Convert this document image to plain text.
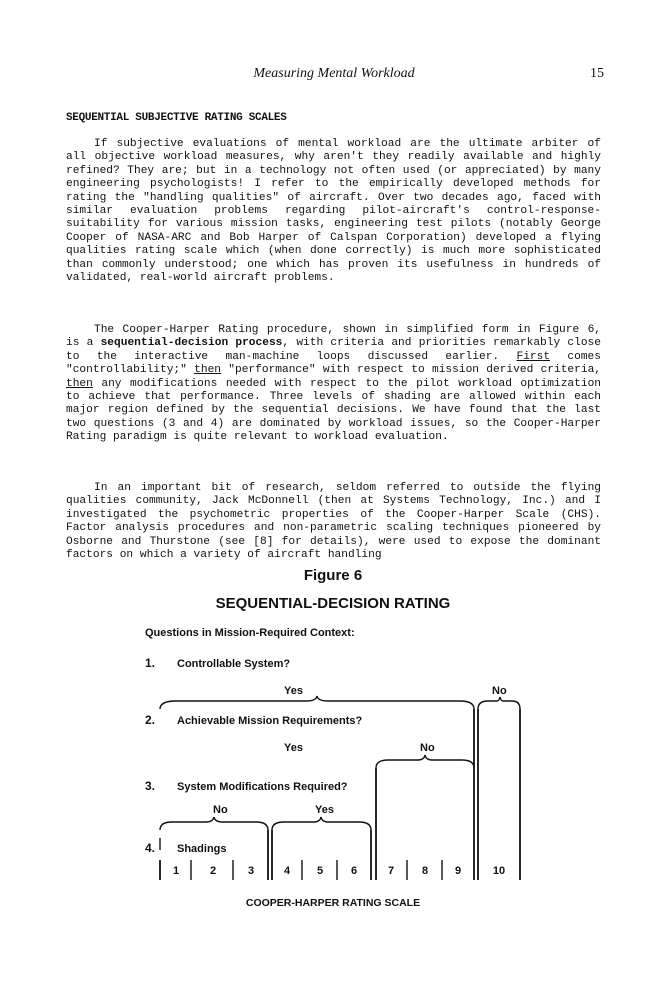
Measuring Mental Workload	15
SEQUENTIAL SUBJECTIVE RATING SCALES

If subjective evaluations of mental workload are the ultimate arbiter of all objective workload measures, why aren't they readily available and highly refined? They are; but in a technology not often used (or appreciated) by many engineering psychologists! I refer to the empirically developed methods for rating the "handling qualities" of aircraft. Over two decades ago, faced with similar evaluation problems regarding pilot-aircraft's control-response-suitability for various mission tasks, engineering test pilots (notably George Cooper of NASA-ARC and Bob Harper of Calspan Corporation) developed a flying qualities rating scale which (when done correctly) is much more sophisticated than commonly understood; one which has proven its usefulness in hundreds of validated, real-world aircraft problems.

The Cooper-Harper Rating procedure, shown in simplified form in Figure 6, is a sequential-decision process, with criteria and priorities remarkably close to the interactive man-machine loops discussed earlier. First comes "controllability;" then "performance" with respect to mission derived criteria, then any modifications needed with respect to the pilot workload optimization to achieve that performance. Three levels of shading are allowed within each major region defined by the sequential decisions. We have found that the last two questions (3 and 4) are dominated by workload issues, so the Cooper-Harper Rating paradigm is quite relevant to workload evaluation.

In an important bit of research, seldom referred to outside the flying qualities community, Jack McDonnell (then at Systems Technology, Inc.) and I investigated the psychometric properties of the Cooper-Harper Scale (CHS). Factor analysis procedures and non-parametric scaling techniques pioneered by Osborne and Thurstone (see [8] for details), were used to expose the dominant factors on which a variety of aircraft handling

Figure 6
SEQUENTIAL-DECISION RATING
Questions in Mission-Required Context:
1. Controllable System?
Yes	No
2. Achievable Mission Requirements?
Yes	No
3. System Modifications Required?
No	Yes
4. Shadings
1	2	3	4 5	6	7	8 9	10
COOPER-HARPER RATING SCALE
